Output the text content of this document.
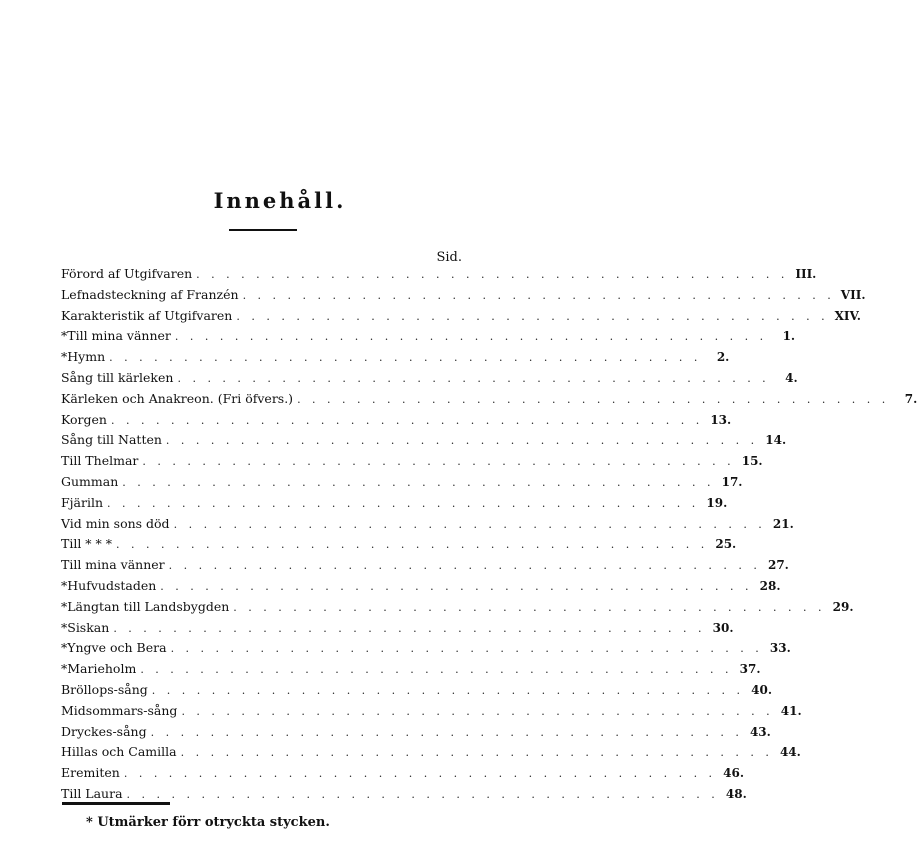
Innehåll.
Sid.
Förord af Utgifvaren . . . . . . . . . . . . . . . . . . . . . . . . . . . . . . . . . . . . . . . . III.
Lefnadsteckning af Franzén . . . . . . . . . . . . . . . . . . . . . . . . . . . . . . . . . . . . . . . . VII.
Karakteristik af Utgifvaren . . . . . . . . . . . . . . . . . . . . . . . . . . . . . . . . . . . . . . . . XIV.
*Till mina vänner . . . . . . . . . . . . . . . . . . . . . . . . . . . . . . . . . . . . . . . .	1.
*Hymn . . . . . . . . . . . . . . . . . . . . . . . . . . . . . . . . . . . . . . . .	2.
Sång till kärleken . . . . . . . . . . . . . . . . . . . . . . . . . . . . . . . . . . . . . . . .	4.
Kärleken och Anakreon. (Fri öfvers.) . . . . . . . . . . . . . . . . . . . . . . . . . . . . . . . . . . . . . . . .	7.
Korgen . . . . . . . . . . . . . . . . . . . . . . . . . . . . . . . . . . . . . . . . 13.
Sång till Natten . . . . . . . . . . . . . . . . . . . . . . . . . . . . . . . . . . . . . . . . 14.
Till Thelmar . . . . . . . . . . . . . . . . . . . . . . . . . . . . . . . . . . . . . . . . 15.
Gumman . . . . . . . . . . . . . . . . . . . . . . . . . . . . . . . . . . . . . . . . 17.
Fjäriln . . . . . . . . . . . . . . . . . . . . . . . . . . . . . . . . . . . . . . . . 19.
Vid min sons död . . . . . . . . . . . . . . . . . . . . . . . . . . . . . . . . . . . . . . . . 21.
Till * * * . . . . . . . . . . . . . . . . . . . . . . . . . . . . . . . . . . . . . . . . 25.
Till mina vänner . . . . . . . . . . . . . . . . . . . . . . . . . . . . . . . . . . . . . . . . 27.
*Hufvudstaden . . . . . . . . . . . . . . . . . . . . . . . . . . . . . . . . . . . . . . . . 28.
*Längtan till Landsbygden . . . . . . . . . . . . . . . . . . . . . . . . . . . . . . . . . . . . . . . . 29.
*Siskan . . . . . . . . . . . . . . . . . . . . . . . . . . . . . . . . . . . . . . . . 30.
*Yngve och Bera . . . . . . . . . . . . . . . . . . . . . . . . . . . . . . . . . . . . . . . . 33.
*Marieholm . . . . . . . . . . . . . . . . . . . . . . . . . . . . . . . . . . . . . . . . 37.
Bröllops-sång . . . . . . . . . . . . . . . . . . . . . . . . . . . . . . . . . . . . . . . . 40.
Midsommars-sång . . . . . . . . . . . . . . . . . . . . . . . . . . . . . . . . . . . . . . . . 41.
Dryckes-sång . . . . . . . . . . . . . . . . . . . . . . . . . . . . . . . . . . . . . . . . 43.
Hillas och Camilla . . . . . . . . . . . . . . . . . . . . . . . . . . . . . . . . . . . . . . . . 44.
Eremiten . . . . . . . . . . . . . . . . . . . . . . . . . . . . . . . . . . . . . . . . 46.
Till Laura . . . . . . . . . . . . . . . . . . . . . . . . . . . . . . . . . . . . . . . . 48.
* Utmärker förr otryckta stycken.
